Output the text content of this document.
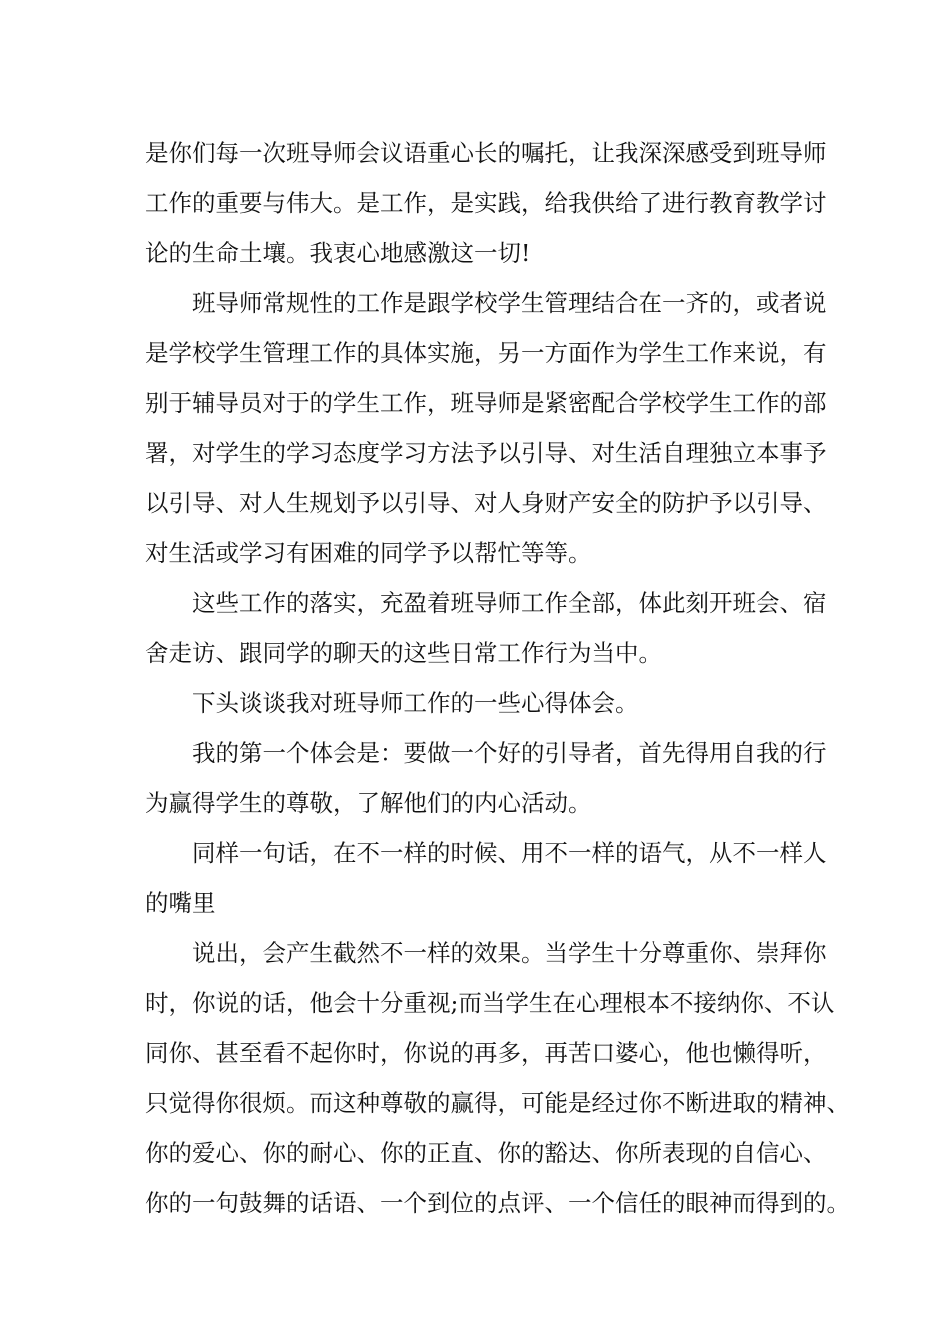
是你们每一次班导师会议语重心长的嘱托，让我深深感受到班导师
工作的重要与伟大。是工作，是实践，给我供给了进行教育教学讨
论的生命土壤。我衷心地感激这一切!
班导师常规性的工作是跟学校学生管理结合在一齐的，或者说
是学校学生管理工作的具体实施，另一方面作为学生工作来说，有
别于辅导员对于的学生工作，班导师是紧密配合学校学生工作的部
署，对学生的学习态度学习方法予以引导、对生活自理独立本事予
以引导、对人生规划予以引导、对人身财产安全的防护予以引导、
对生活或学习有困难的同学予以帮忙等等。
这些工作的落实，充盈着班导师工作全部，体此刻开班会、宿
舍走访、跟同学的聊天的这些日常工作行为当中。
下头谈谈我对班导师工作的一些心得体会。
我的第一个体会是：要做一个好的引导者，首先得用自我的行
为赢得学生的尊敬，了解他们的内心活动。
同样一句话，在不一样的时候、用不一样的语气，从不一样人
的嘴里
说出，会产生截然不一样的效果。当学生十分尊重你、崇拜你
时，你说的话，他会十分重视;而当学生在心理根本不接纳你、不认
同你、甚至看不起你时，你说的再多，再苦口婆心，他也懒得听，
只觉得你很烦。而这种尊敬的赢得，可能是经过你不断进取的精神、
你的爱心、你的耐心、你的正直、你的豁达、你所表现的自信心、
你的一句鼓舞的话语、一个到位的点评、一个信任的眼神而得到的。
